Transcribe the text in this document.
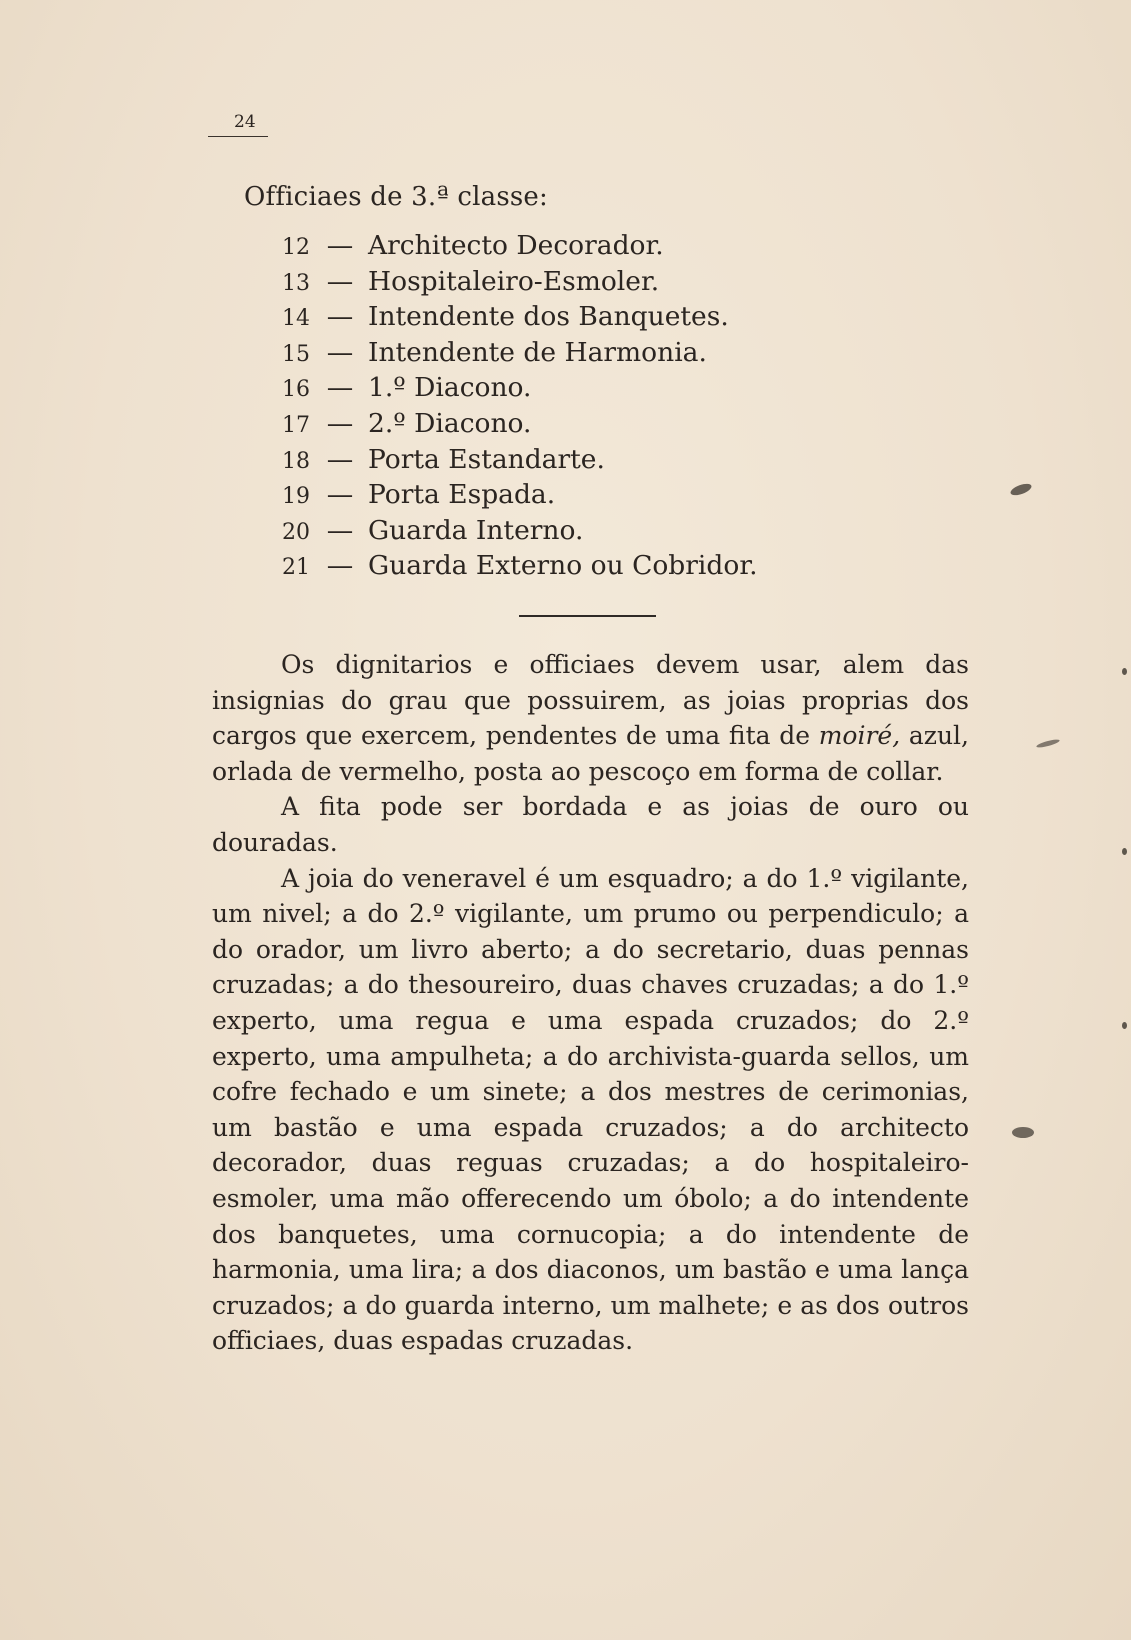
24
Officiaes de 3.ª classe:
12 — Architecto Decorador.
13 — Hospitaleiro-Esmoler.
14 — Intendente dos Banquetes.
15 — Intendente de Harmonia.
16 — 1.º Diacono.
17 — 2.º Diacono.
18 — Porta Estandarte.
19 — Porta Espada.
20 — Guarda Interno.
21 — Guarda Externo ou Cobridor.

Os dignitarios e officiaes devem usar, alem das insignias do grau que possuirem, as joias proprias dos cargos que exercem, pendentes de uma fita de moiré, azul, orlada de vermelho, posta ao pescoço em forma de collar.

A fita pode ser bordada e as joias de ouro ou douradas.

A joia do veneravel é um esquadro; a do 1.º vigilante, um nivel; a do 2.º vigilante, um prumo ou perpendiculo; a do orador, um livro aberto; a do secretario, duas pennas cruzadas; a do thesoureiro, duas chaves cruzadas; a do 1.º experto, uma regua e uma espada cruzados; do 2.º experto, uma ampulheta; a do archivista-guarda sellos, um cofre fechado e um sinete; a dos mestres de cerimonias, um bastão e uma espada cruzados; a do architecto decorador, duas reguas cruzadas; a do hospitaleiro-esmoler, uma mão offerecendo um óbolo; a do intendente dos banquetes, uma cornucopia; a do intendente de harmonia, uma lira; a dos diaconos, um bastão e uma lança cruzados; a do guarda interno, um malhete; e as dos outros officiaes, duas espadas cruzadas.
